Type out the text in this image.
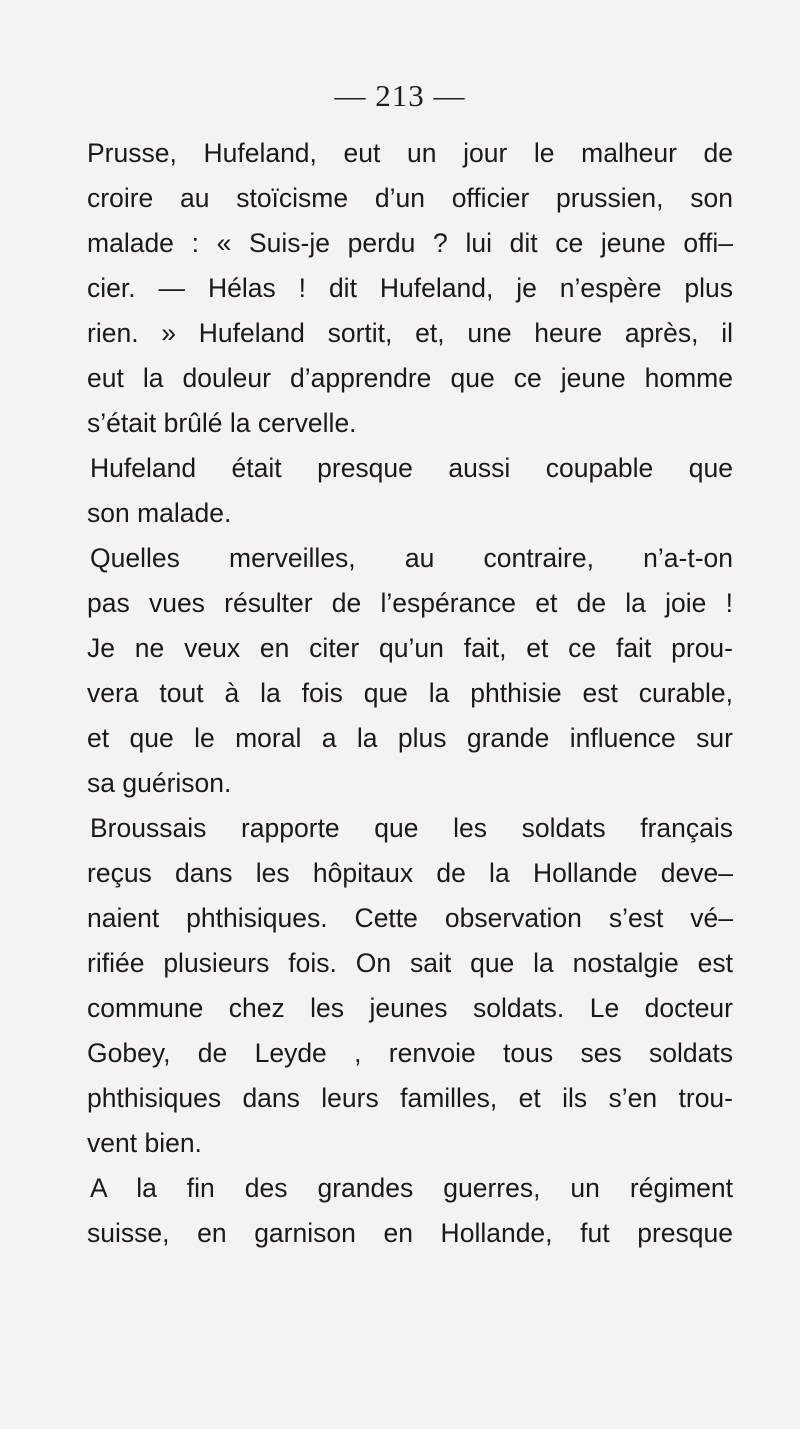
— 213 —
Prusse, Hufeland, eut un jour le malheur de
croire au stoïcisme d’un officier prussien, son
malade : « Suis-je perdu ? lui dit ce jeune offi–
cier. — Hélas ! dit Hufeland, je n’espère plus
rien. » Hufeland sortit, et, une heure après, il
eut la douleur d’apprendre que ce jeune homme
s’était brûlé la cervelle.
Hufeland était presque aussi coupable que
son malade.
Quelles merveilles, au contraire, n’a-t-on
pas vues résulter de l’espérance et de la joie !
Je ne veux en citer qu’un fait, et ce fait prou-
vera tout à la fois que la phthisie est curable,
et que le moral a la plus grande influence sur
sa guérison.
Broussais rapporte que les soldats français
reçus dans les hôpitaux de la Hollande deve–
naient phthisiques. Cette observation s’est vé–
rifiée plusieurs fois. On sait que la nostalgie est
commune chez les jeunes soldats. Le docteur
Gobey, de Leyde , renvoie tous ses soldats
phthisiques dans leurs familles, et ils s’en trou-
vent bien.
A la fin des grandes guerres, un régiment
suisse, en garnison en Hollande, fut presque
